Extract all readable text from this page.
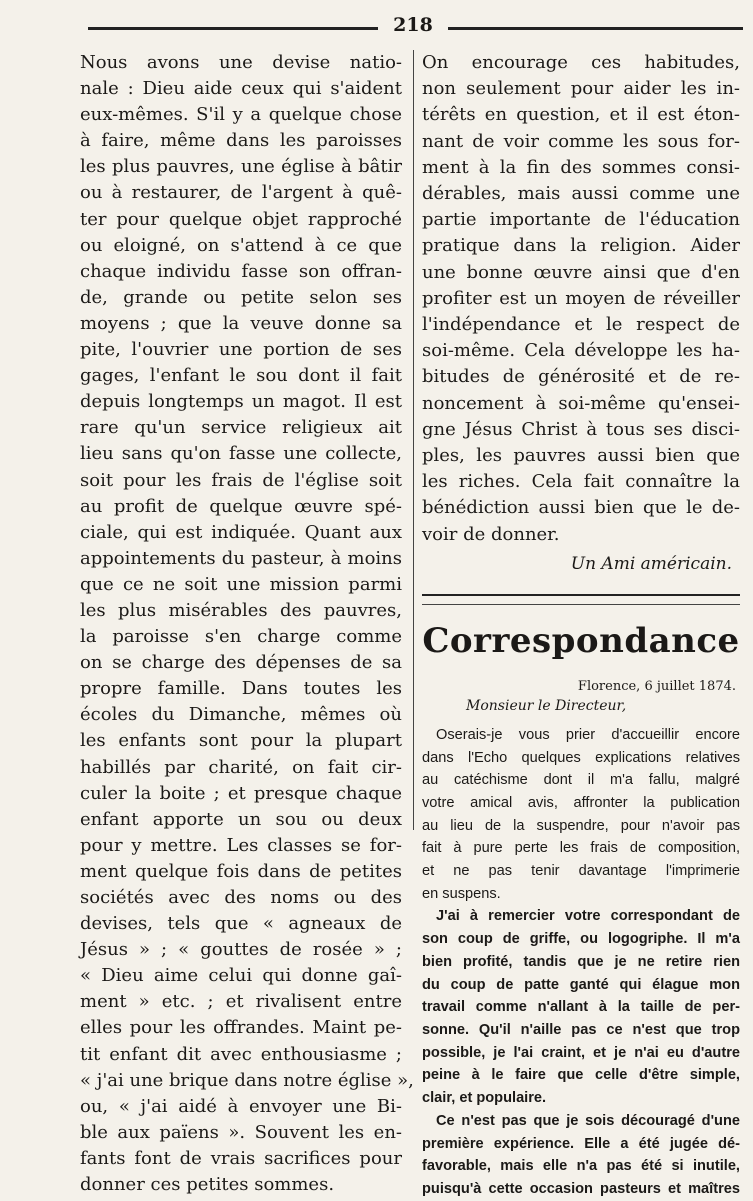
218
Nous avons une devise natio-
nale : Dieu aide ceux qui s'aident
eux-mêmes. S'il y a quelque chose
à faire, même dans les paroisses
les plus pauvres, une église à bâtir
ou à restaurer, de l'argent à quê-
ter pour quelque objet rapproché
ou eloigné, on s'attend à ce que
chaque individu fasse son offran-
de, grande ou petite selon ses
moyens ; que la veuve donne sa
pite, l'ouvrier une portion de ses
gages, l'enfant le sou dont il fait
depuis longtemps un magot. Il est
rare qu'un service religieux ait
lieu sans qu'on fasse une collecte,
soit pour les frais de l'église soit
au profit de quelque œuvre spé-
ciale, qui est indiquée. Quant aux
appointements du pasteur, à moins
que ce ne soit une mission parmi
les plus misérables des pauvres,
la paroisse s'en charge comme
on se charge des dépenses de sa
propre famille. Dans toutes les
écoles du Dimanche, mêmes où
les enfants sont pour la plupart
habillés par charité, on fait cir-
culer la boite ; et presque chaque
enfant apporte un sou ou deux
pour y mettre. Les classes se for-
ment quelque fois dans de petites
sociétés avec des noms ou des
devises, tels que « agneaux de
Jésus » ; « gouttes de rosée » ;
« Dieu aime celui qui donne gaî-
ment » etc. ; et rivalisent entre
elles pour les offrandes. Maint pe-
tit enfant dit avec enthousiasme ;
« j'ai une brique dans notre église »,
ou, « j'ai aidé à envoyer une Bi-
ble aux païens ». Souvent les en-
fants font de vrais sacrifices pour
donner ces petites sommes.
On encourage ces habitudes,
non seulement pour aider les in-
térêts en question, et il est éton-
nant de voir comme les sous for-
ment à la fin des sommes consi-
dérables, mais aussi comme une
partie importante de l'éducation
pratique dans la religion. Aider
une bonne œuvre ainsi que d'en
profiter est un moyen de réveiller
l'indépendance et le respect de
soi-même. Cela développe les ha-
bitudes de générosité et de re-
noncement à soi-même qu'ensei-
gne Jésus Christ à tous ses disci-
ples, les pauvres aussi bien que
les riches. Cela fait connaître la
bénédiction aussi bien que le de-
voir de donner.
Un Ami américain.
Correspondance
Florence, 6 juillet 1874.
Monsieur le Directeur,
Oserais-je vous prier d'accueillir encore
dans l'Echo quelques explications relatives
au catéchisme dont il m'a fallu, malgré
votre amical avis, affronter la publication
au lieu de la suspendre, pour n'avoir pas
fait à pure perte les frais de composition,
et ne pas tenir davantage l'imprimerie
en suspens.
J'ai à remercier votre correspondant de
son coup de griffe, ou logogriphe. Il m'a
bien profité, tandis que je ne retire rien
du coup de patte ganté qui élague mon
travail comme n'allant à la taille de per-
sonne. Qu'il n'aille pas ce n'est que trop
possible, je l'ai craint, et je n'ai eu d'autre
peine à le faire que celle d'être simple,
clair, et populaire.
Ce n'est pas que je sois découragé d'une
première expérience. Elle a été jugée dé-
favorable, mais elle n'a pas été si inutile,
puisqu'à cette occasion pasteurs et maîtres
